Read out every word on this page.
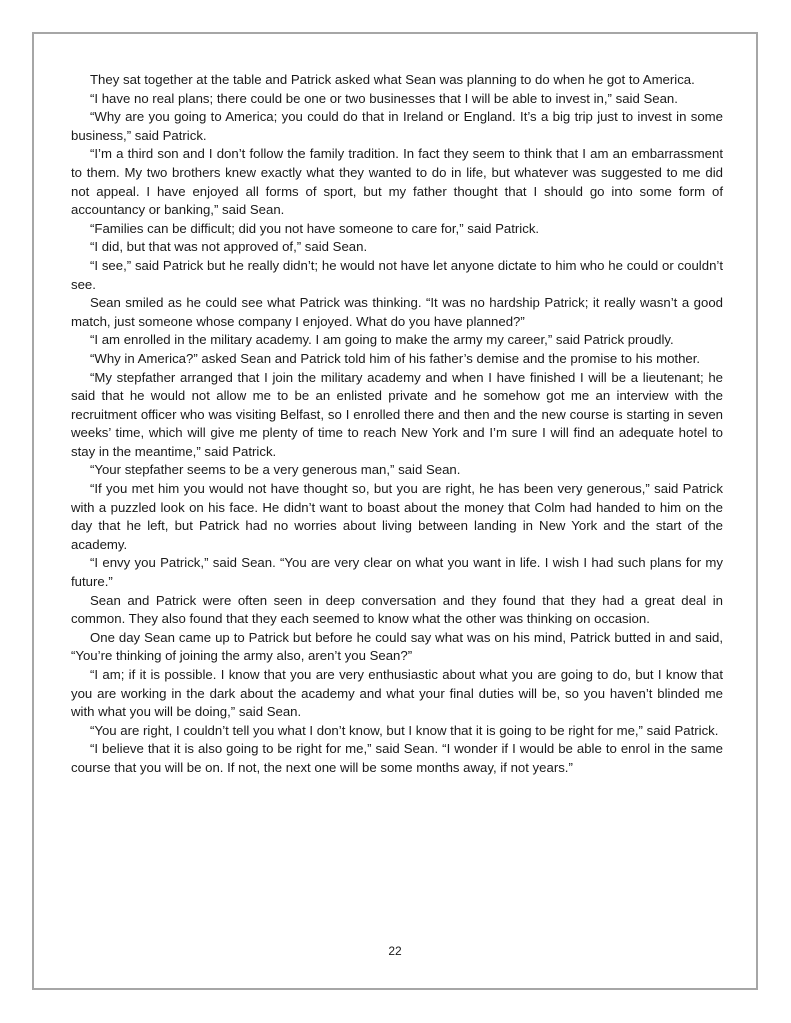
They sat together at the table and Patrick asked what Sean was planning to do when he got to America.

“I have no real plans; there could be one or two businesses that I will be able to invest in,” said Sean.

“Why are you going to America; you could do that in Ireland or England. It’s a big trip just to invest in some business,” said Patrick.

“I’m a third son and I don’t follow the family tradition. In fact they seem to think that I am an embarrassment to them. My two brothers knew exactly what they wanted to do in life, but whatever was suggested to me did not appeal. I have enjoyed all forms of sport, but my father thought that I should go into some form of accountancy or banking,” said Sean.

“Families can be difficult; did you not have someone to care for,” said Patrick.

“I did, but that was not approved of,” said Sean.

“I see,” said Patrick but he really didn’t; he would not have let anyone dictate to him who he could or couldn’t see.

Sean smiled as he could see what Patrick was thinking. “It was no hardship Patrick; it really wasn’t a good match, just someone whose company I enjoyed. What do you have planned?”

“I am enrolled in the military academy. I am going to make the army my career,” said Patrick proudly.

“Why in America?” asked Sean and Patrick told him of his father’s demise and the promise to his mother.

“My stepfather arranged that I join the military academy and when I have finished I will be a lieutenant; he said that he would not allow me to be an enlisted private and he somehow got me an interview with the recruitment officer who was visiting Belfast, so I enrolled there and then and the new course is starting in seven weeks’ time, which will give me plenty of time to reach New York and I’m sure I will find an adequate hotel to stay in the meantime,” said Patrick.

“Your stepfather seems to be a very generous man,” said Sean.

“If you met him you would not have thought so, but you are right, he has been very generous,” said Patrick with a puzzled look on his face. He didn’t want to boast about the money that Colm had handed to him on the day that he left, but Patrick had no worries about living between landing in New York and the start of the academy.

“I envy you Patrick,” said Sean. “You are very clear on what you want in life. I wish I had such plans for my future.”

Sean and Patrick were often seen in deep conversation and they found that they had a great deal in common. They also found that they each seemed to know what the other was thinking on occasion.

One day Sean came up to Patrick but before he could say what was on his mind, Patrick butted in and said, “You’re thinking of joining the army also, aren’t you Sean?”

“I am; if it is possible. I know that you are very enthusiastic about what you are going to do, but I know that you are working in the dark about the academy and what your final duties will be, so you haven’t blinded me with what you will be doing,” said Sean.

“You are right, I couldn’t tell you what I don’t know, but I know that it is going to be right for me,” said Patrick.

“I believe that it is also going to be right for me,” said Sean. “I wonder if I would be able to enrol in the same course that you will be on. If not, the next one will be some months away, if not years.”

22
